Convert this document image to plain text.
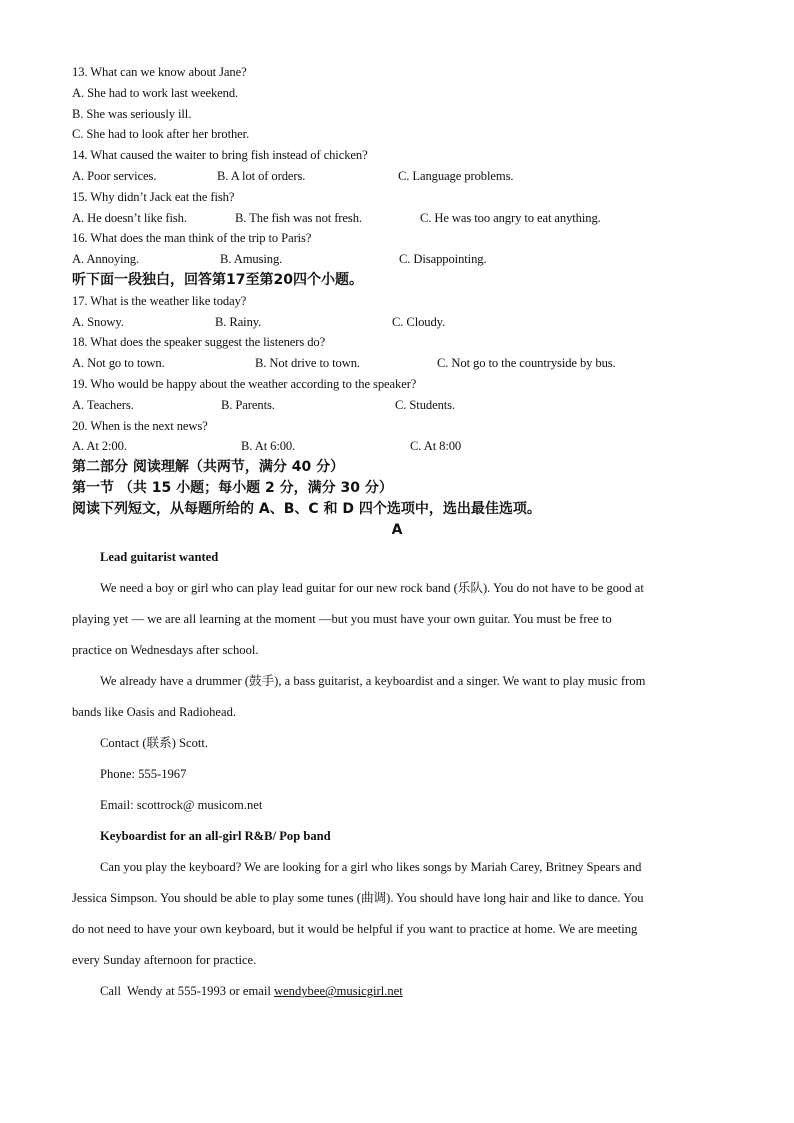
13. What can we know about Jane?
A. She had to work last weekend.
B. She was seriously ill.
C. She had to look after her brother.
14. What caused the waiter to bring fish instead of chicken?
A. Poor services.	B. A lot of orders.	C. Language problems.
15. Why didn’t Jack eat the fish?
A. He doesn’t like fish.	B. The fish was not fresh.	C. He was too angry to eat anything.
16. What does the man think of the trip to Paris?
A. Annoying.	B. Amusing.	C. Disappointing.
听下面一段独白，回答第17至第20四个小题。
17. What is the weather like today?
A. Snowy.	B. Rainy.	C. Cloudy.
18. What does the speaker suggest the listeners do?
A. Not go to town.	B. Not drive to town.	C. Not go to the countryside by bus.
19. Who would be happy about the weather according to the speaker?
A. Teachers.	B. Parents.	C. Students.
20. When is the next news?
A. At 2:00.	B. At 6:00.	C. At 8:00
第二部分 阅读理解（共两节，满分 40 分）
第一节 （共 15 小题；每小题 2 分，满分 30 分）
阅读下列短文，从每题所给的 A、B、C 和 D 四个选项中，选出最佳选项。
A
Lead guitarist wanted
We need a boy or girl who can play lead guitar for our new rock band (乐队). You do not have to be good at
playing yet — we are all learning at the moment —but you must have your own guitar. You must be free to
practice on Wednesdays after school.
We already have a drummer (鼓手), a bass guitarist, a keyboardist and a singer. We want to play music from
bands like Oasis and Radiohead.
Contact (联系) Scott.
Phone: 555-1967
Email: scottrock@ musicom.net
Keyboardist for an all-girl R&B/ Pop band
Can you play the keyboard? We are looking for a girl who likes songs by Mariah Carey, Britney Spears and
Jessica Simpson. You should be able to play some tunes (曲调). You should have long hair and like to dance. You
do not need to have your own keyboard, but it would be helpful if you want to practice at home. We are meeting
every Sunday afternoon for practice.
Call  Wendy at 555-1993 or email wendybee@musicgirl.net
